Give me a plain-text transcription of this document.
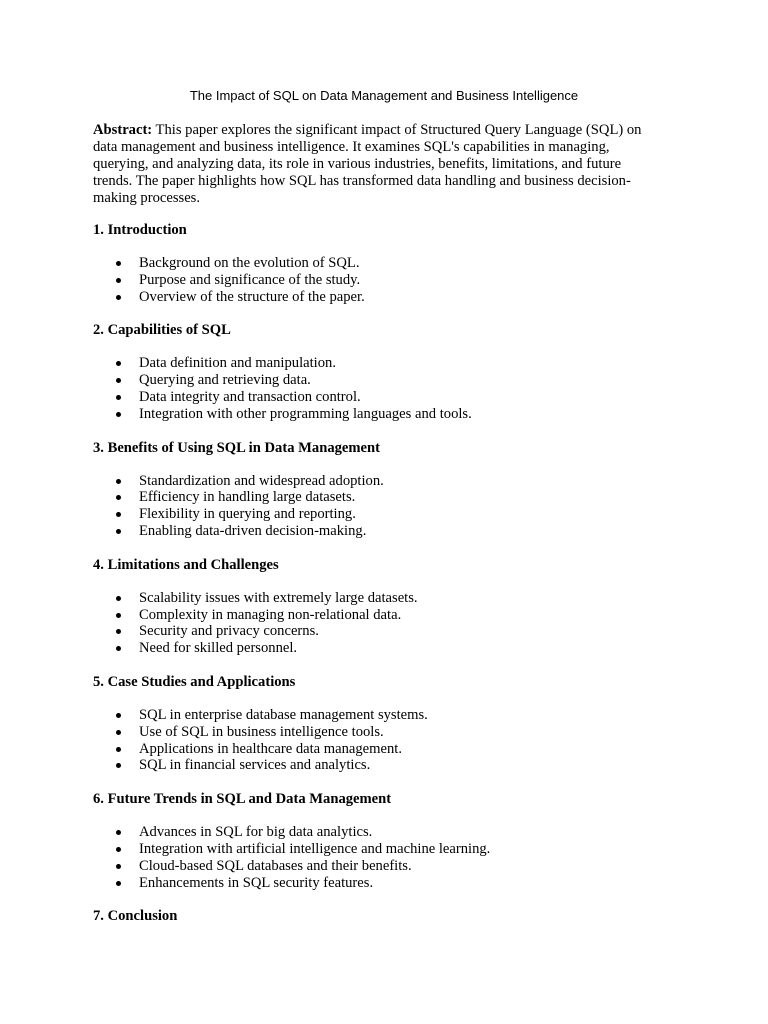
The Impact of SQL on Data Management and Business Intelligence
Abstract: This paper explores the significant impact of Structured Query Language (SQL) on
data management and business intelligence. It examines SQL's capabilities in managing,
querying, and analyzing data, its role in various industries, benefits, limitations, and future
trends. The paper highlights how SQL has transformed data handling and business decision-
making processes.
1. Introduction
Background on the evolution of SQL.
Purpose and significance of the study.
Overview of the structure of the paper.
2. Capabilities of SQL
Data definition and manipulation.
Querying and retrieving data.
Data integrity and transaction control.
Integration with other programming languages and tools.
3. Benefits of Using SQL in Data Management
Standardization and widespread adoption.
Efficiency in handling large datasets.
Flexibility in querying and reporting.
Enabling data-driven decision-making.
4. Limitations and Challenges
Scalability issues with extremely large datasets.
Complexity in managing non-relational data.
Security and privacy concerns.
Need for skilled personnel.
5. Case Studies and Applications
SQL in enterprise database management systems.
Use of SQL in business intelligence tools.
Applications in healthcare data management.
SQL in financial services and analytics.
6. Future Trends in SQL and Data Management
Advances in SQL for big data analytics.
Integration with artificial intelligence and machine learning.
Cloud-based SQL databases and their benefits.
Enhancements in SQL security features.
7. Conclusion
